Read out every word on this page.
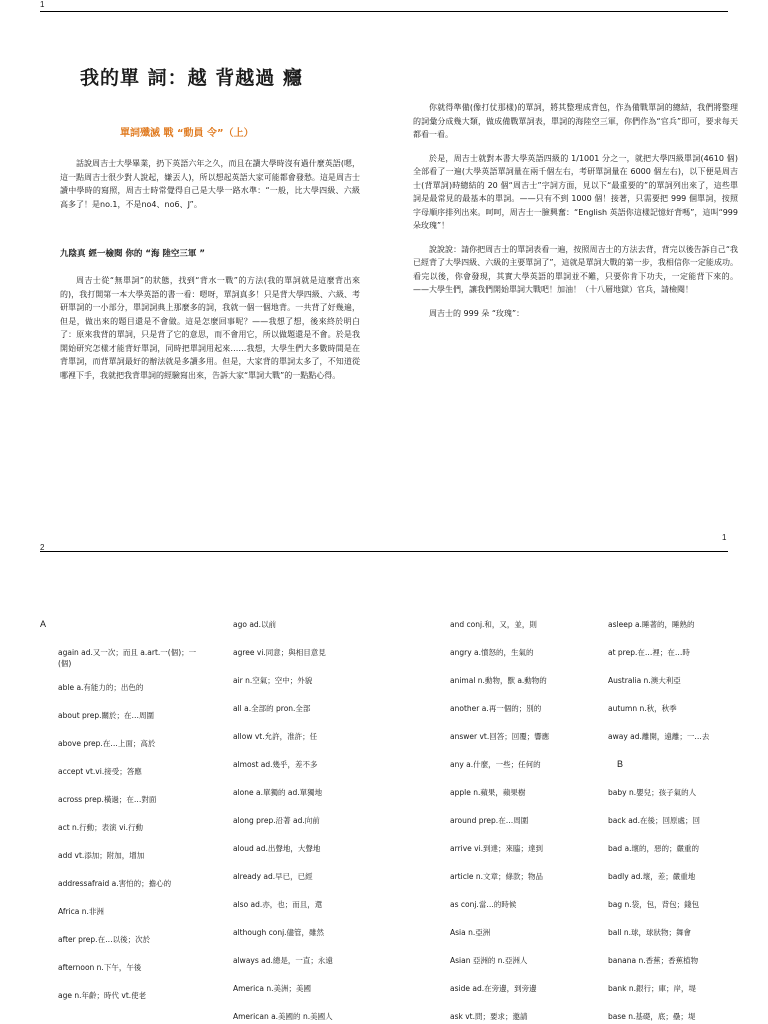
1
我的單 詞：越 背越過 癮
單詞殲滅 戰 “動員 令”（上）

話說周吉士大學畢業，扔下英語六年之久，而且在讀大學時沒有過什麼英語(嗯，這一點周吉士很少對人說起，嫌丟人)，所以想起英語大家可能都會發愁。這是周吉士讀中學時的寫照，周吉士時常覺得自己是大學一路水準：“一般，比大學四級、六級高多了！是no.1，不是no4、no6、J”。

九陰真 經一檢閱 你的 “海 陸空三軍 ”

周吉士從“無單詞”的狀態，找到“背水一戰”的方法(我的單詞就是這麼背出來的)，我打開第一本大學英語的書一看：嗯呀，單詞真多！只是背大學四級、六級、考研單詞的一小部分，單詞詞典上那麼多的詞，我就一個一個地背。一共背了好幾遍，但是，做出來的題目還是不會做。這是怎麼回事呢？——我想了想，後來終於明白了：原來我背的單詞，只是背了它的意思，而不會用它，所以做題還是不會。於是我開始研究怎樣才能背好單詞，同時把單詞用起來……我想，大學生們大多數時間是在背單詞，而背單詞最好的辦法就是多讀多用。但是，大家背的單詞太多了，不知道從哪裡下手，我就把我背單詞的經驗寫出來，告訴大家“單詞大戰”的一點點心得。

你就得準備(像打仗那樣)的單詞，將其整理成背包，作為備戰單詞的總結，我們將整理的詞彙分成幾大類，做成備戰單詞表，單詞的海陸空三軍，你們作為“官兵”即可，要求每天都看一看。

於是，周吉士就對本書大學英語四級的 1/1001 分之一，就把大學四級單詞(4610 個)全部看了一遍(大學英語單詞量在兩千個左右，考研單詞量在 6000 個左右)，以下便是周吉士(背單詞)時總結的 20 個“周吉士”字詞方面，見以下“最重要的”的單詞列出來了，這些單詞是最常見的最基本的單詞。——只有不到 1000 個！接著，只需要把 999 個單詞，按照字母順序排列出來。呵呵，周吉士一臉興奮：“English 英語你這樣記憶好背嗎”，這叫“999 朵玫瑰”！

說說說：請你把周吉士的單詞表看一遍，按照周吉士的方法去背，背完以後告訴自己“我已經背了大學四級、六級的主要單詞了”，這就是單詞大戰的第一步，我相信你一定能成功。看完以後，你會發現，其實大學英語的單詞並不難，只要你肯下功夫，一定能背下來的。——大學生們，讓我們開始單詞大戰吧！加油！（十八層地獄）官兵，請檢閱！

周吉士的 999 朵 “玫瑰”：

1
2
A
B
again ad.又一次；而且 a.art.一(個)；一(個)
able a.有能力的；出色的
about prep.關於；在…周圍
above prep.在…上面；高於
accept vt.vi.接受；答應
across prep.橫過；在…對面
act n.行動；表演 vi.行動
add vt.添加；附加，增加
addressafraid a.害怕的；擔心的
Africa n.非洲
after prep.在…以後；次於
afternoon n.下午，午後
age n.年齡；時代 vt.使老
ago ad.以前
agree vi.同意；與相目意見
air n.空氣；空中；外貌
all a.全部的 pron.全部
allow vt.允許，准許；任
almost ad.幾乎，差不多
alone a.單獨的 ad.單獨地
along prep.沿著 ad.向前
aloud ad.出聲地，大聲地
already ad.早已，已經
also ad.亦，也；而且，還
although conj.儘管，雖然
always ad.總是，一直；永遠
America n.美洲；美國
American a.美國的 n.美國人
and conj.和，又，並，則
angry a.憤怒的，生氣的
animal n.動物，獸 a.動物的
another a.再一個的；別的
answer vt.回答；回覆；響應
any a.什麼，一些；任何的
apple n.蘋果，蘋果樹
around prep.在…周圍
arrive vi.到達；來臨；達到
article n.文章；條款；物品
as conj.當…的時候
Asia n.亞洲
Asian 亞洲的 n.亞洲人
aside ad.在旁邊，到旁邊
ask vt.問；要求；邀請
asleep a.睡著的，睡熟的
at prep.在…裡；在…時
Australia n.澳大利亞
autumn n.秋，秋季
away ad.離開，遠離；一…去
baby n.嬰兒；孩子氣的人
back ad.在後；回原處；回
bad a.壞的，惡的；嚴重的
badly ad.壞，差；嚴重地
bag n.袋，包，背包；錢包
ball n.球，球狀物；舞會
banana n.香蕉；香蕉植物
bank n.銀行；庫；岸，堤
base n.基礎，底；壘；堤
